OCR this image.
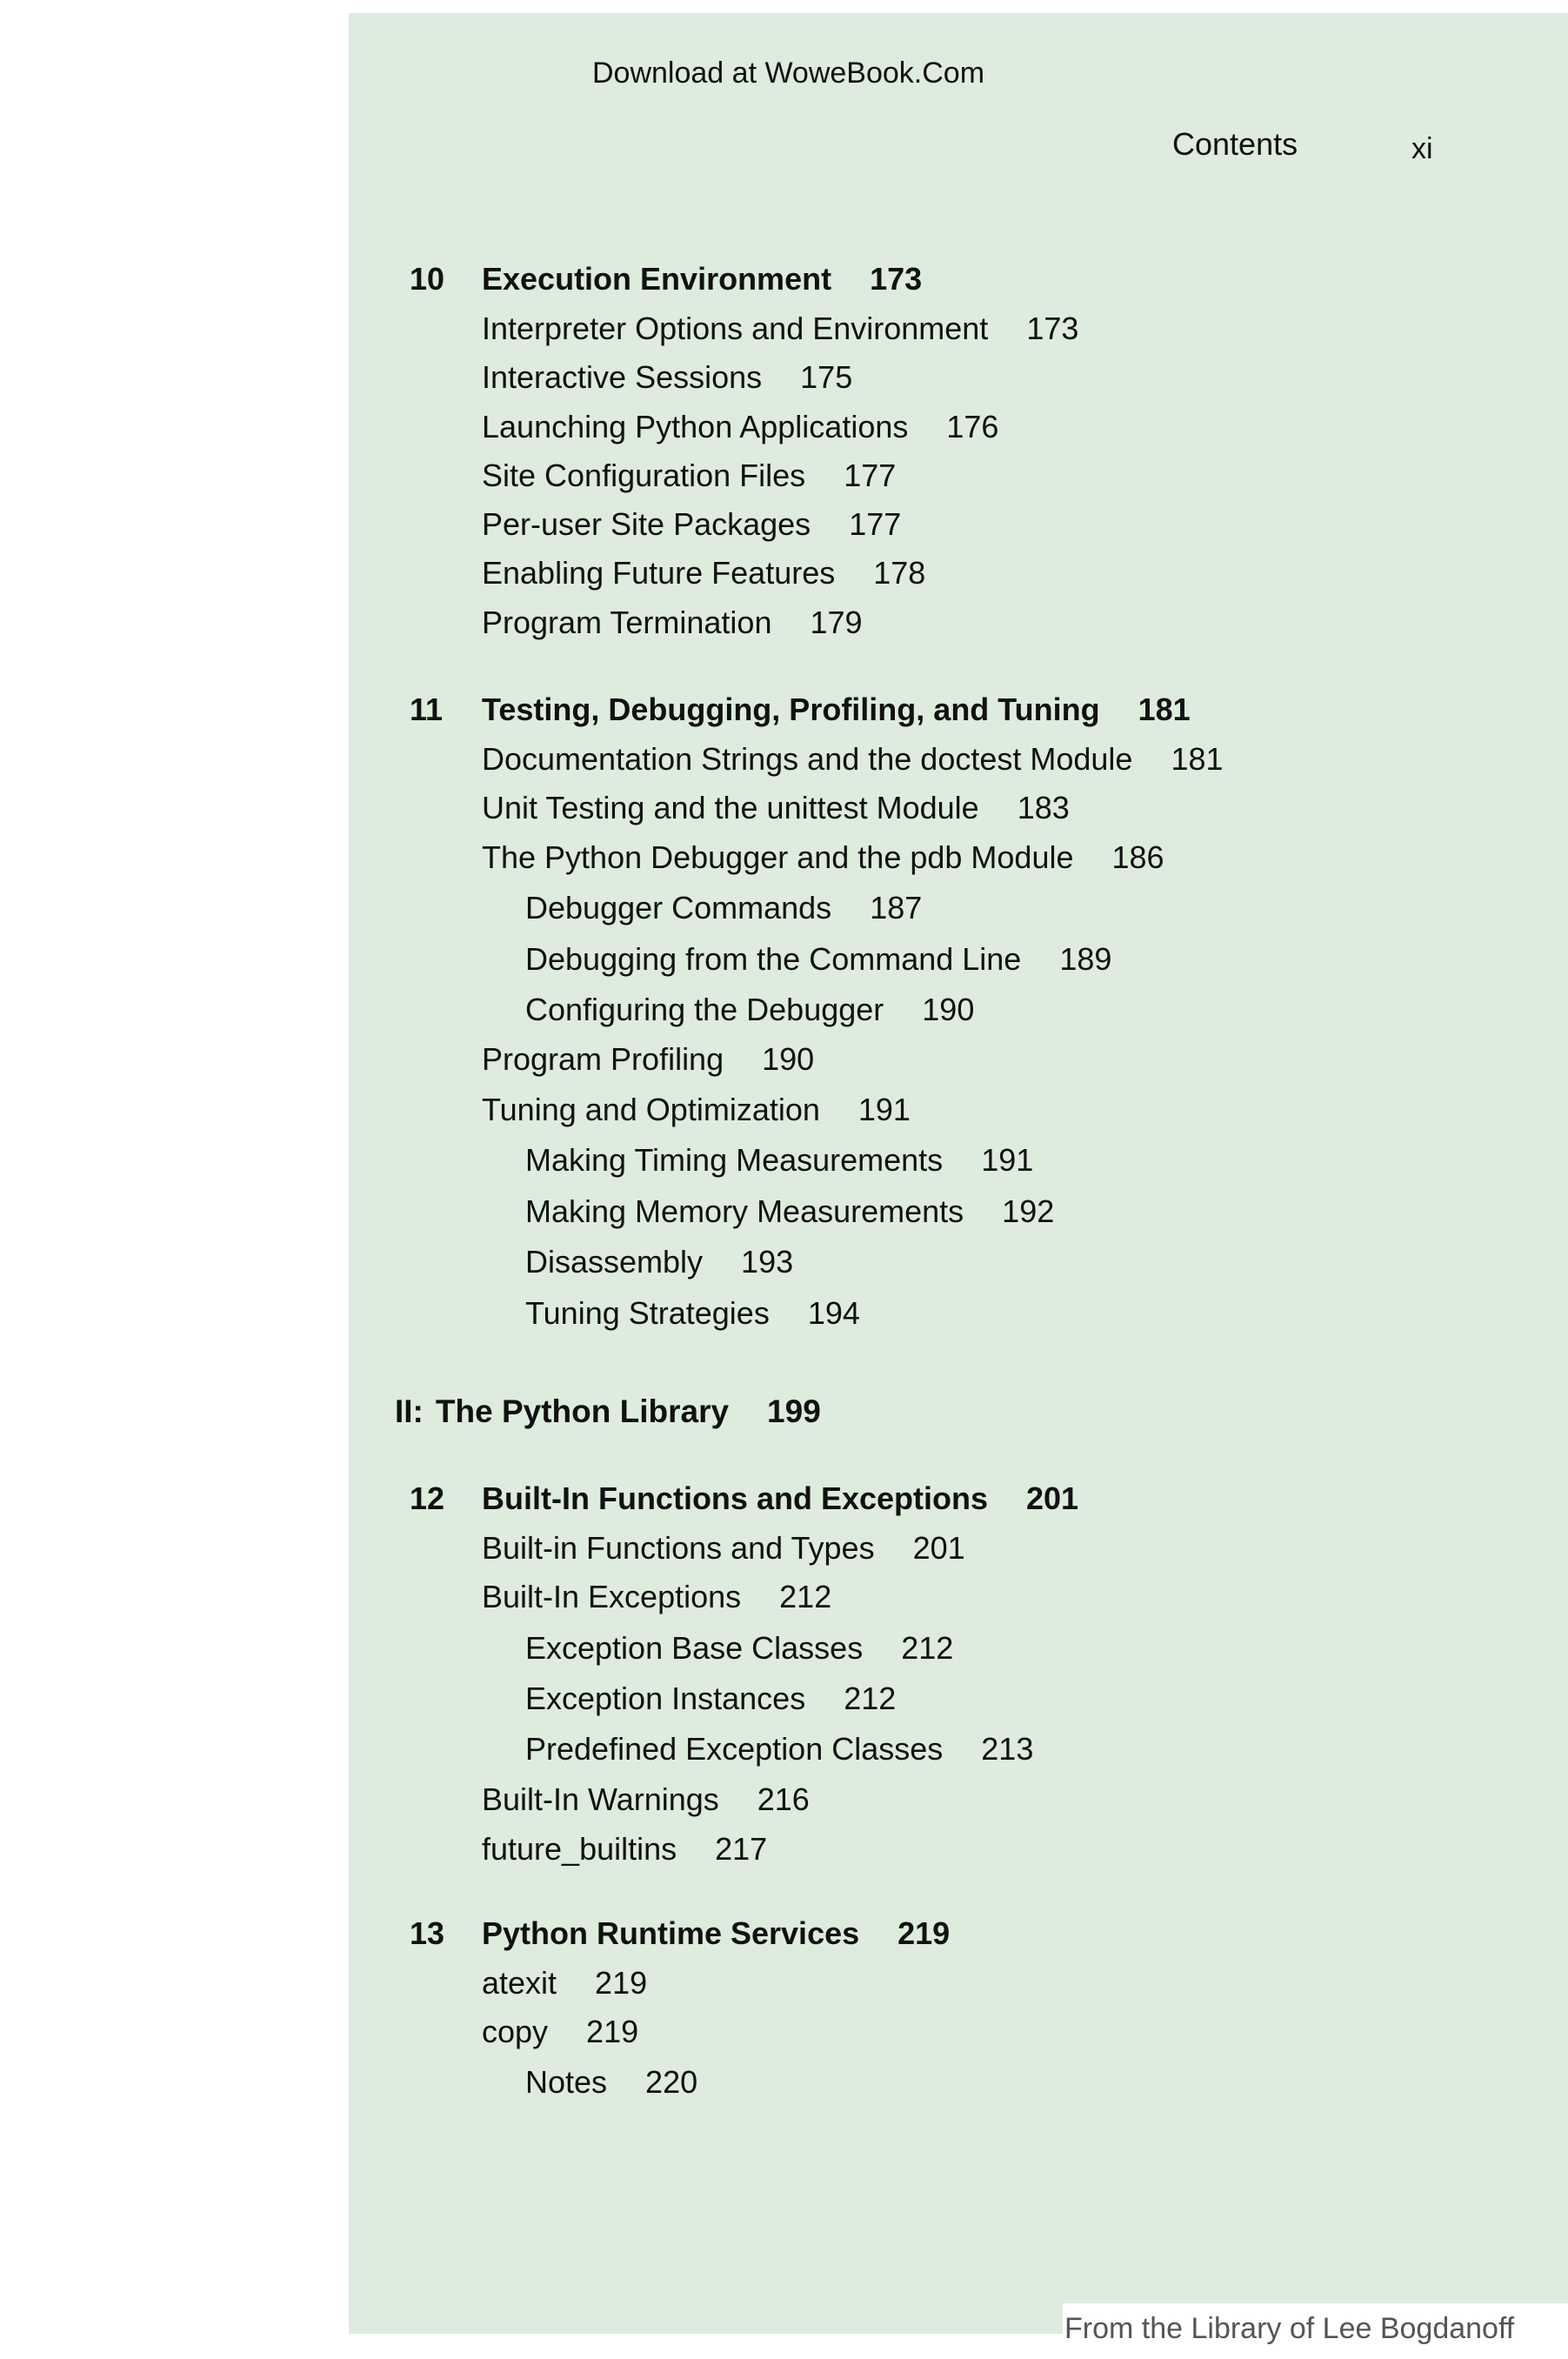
Download at WoweBook.Com
Contents	xi
10 Execution Environment 173
Interpreter Options and Environment 173
Interactive Sessions 175
Launching Python Applications 176
Site Configuration Files 177
Per-user Site Packages 177
Enabling Future Features 178
Program Termination 179
11 Testing, Debugging, Profiling, and Tuning 181
Documentation Strings and the doctest Module 181
Unit Testing and the unittest Module 183
The Python Debugger and the pdb Module 186
Debugger Commands 187
Debugging from the Command Line 189
Configuring the Debugger 190
Program Profiling 190
Tuning and Optimization 191
Making Timing Measurements 191
Making Memory Measurements 192
Disassembly 193
Tuning Strategies 194
II: The Python Library 199
12 Built-In Functions and Exceptions 201
Built-in Functions and Types 201
Built-In Exceptions 212
Exception Base Classes 212
Exception Instances 212
Predefined Exception Classes 213
Built-In Warnings 216
future_builtins 217
13 Python Runtime Services 219
atexit 219
copy 219
Notes 220
From the Library of Lee Bogdanoff
